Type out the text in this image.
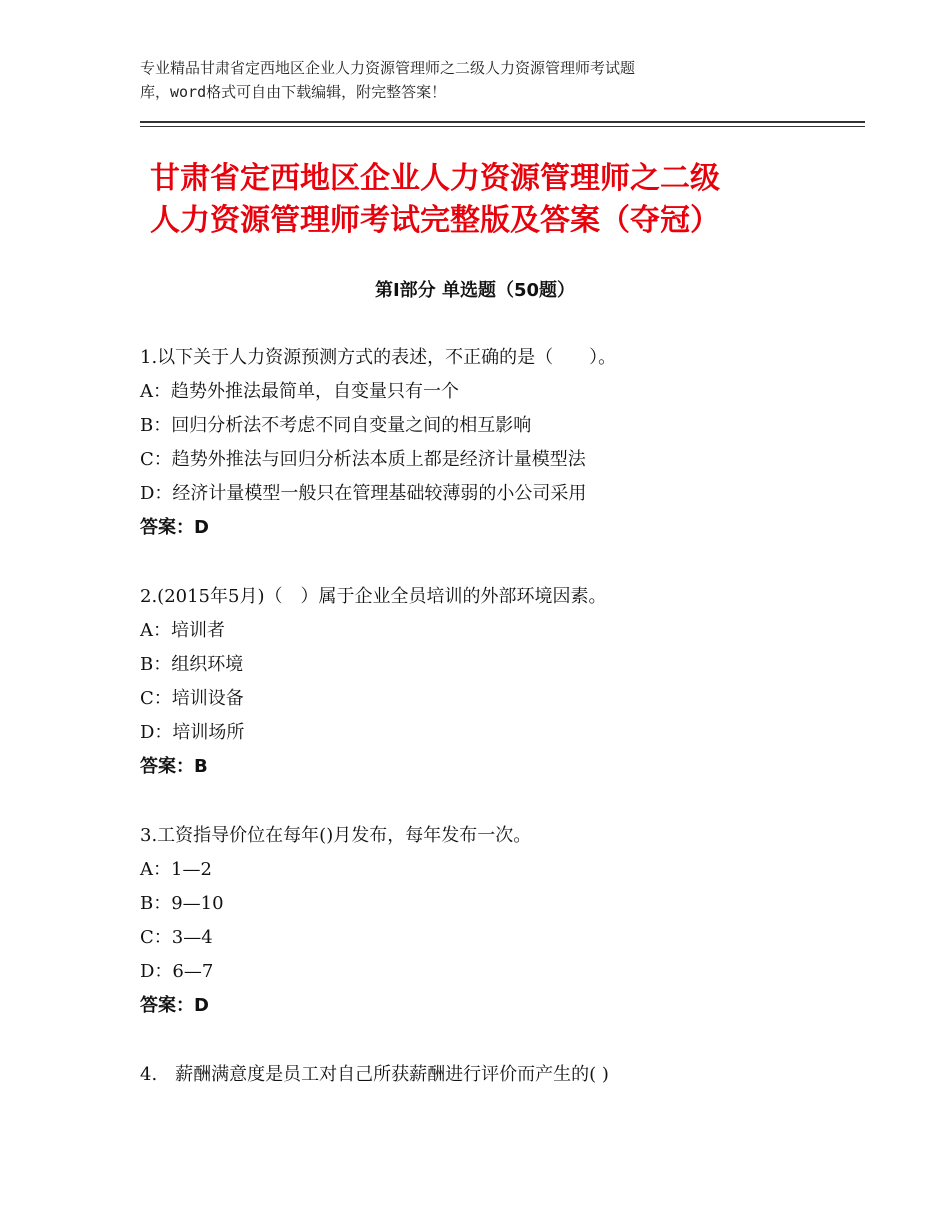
专业精品甘肃省定西地区企业人力资源管理师之二级人力资源管理师考试题
库，word格式可自由下载编辑，附完整答案！
甘肃省定西地区企业人力资源管理师之二级
人力资源管理师考试完整版及答案（夺冠）
第Ⅰ部分 单选题（50题）
1.以下关于人力资源预测方式的表述，不正确的是（　　）。
A：趋势外推法最简单，自变量只有一个
B：回归分析法不考虑不同自变量之间的相互影响
C：趋势外推法与回归分析法本质上都是经济计量模型法
D：经济计量模型一般只在管理基础较薄弱的小公司采用
答案：D
2.(2015年5月)（　）属于企业全员培训的外部环境因素。
A：培训者
B：组织环境
C：培训设备
D：培训场所
答案：B
3.工资指导价位在每年()月发布，每年发布一次。
A：1—2
B：9—10
C：3—4
D：6—7
答案：D
4.　薪酬满意度是员工对自己所获薪酬进行评价而产生的( )
